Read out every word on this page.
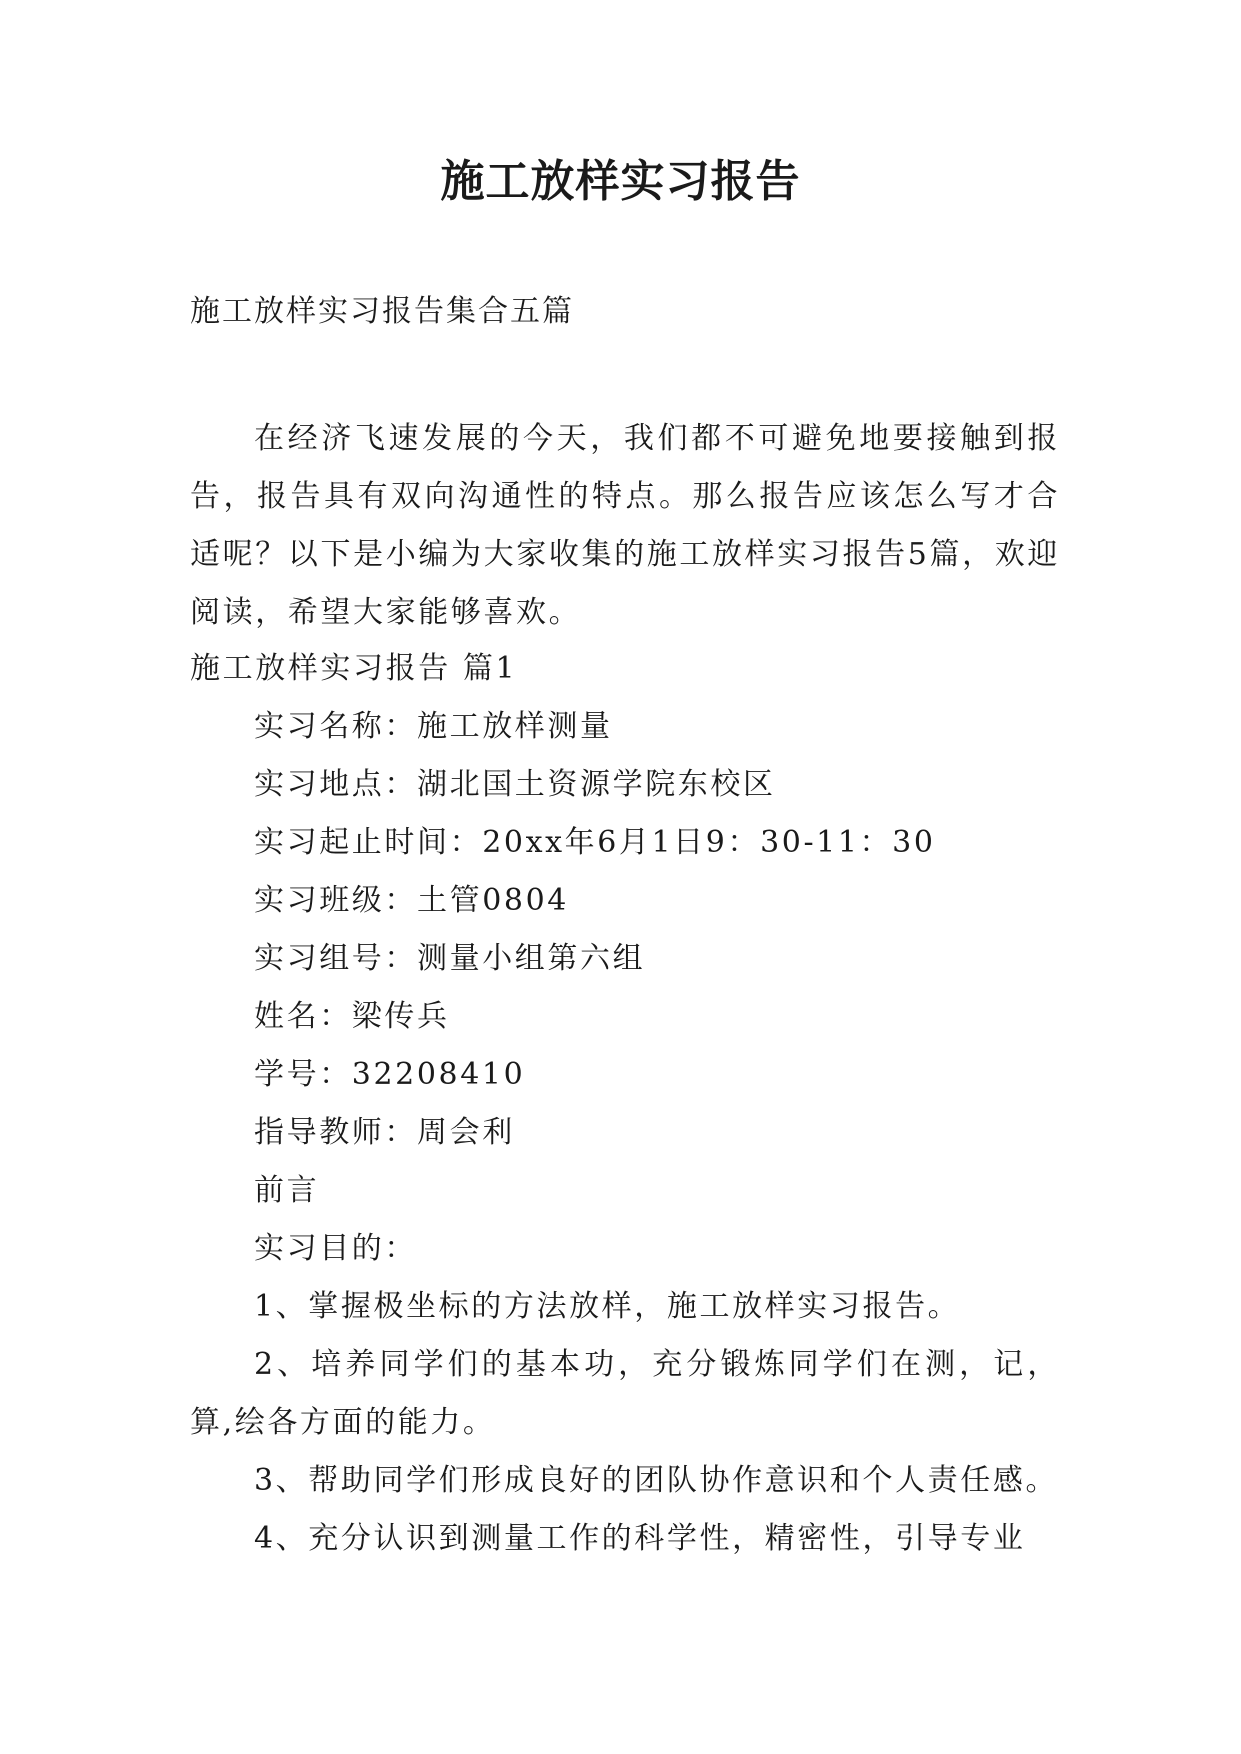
施工放样实习报告

施工放样实习报告集合五篇

在经济飞速发展的今天，我们都不可避免地要接触到报告，报告具有双向沟通性的特点。那么报告应该怎么写才合适呢？以下是小编为大家收集的施工放样实习报告5篇，欢迎阅读，希望大家能够喜欢。

施工放样实习报告 篇1

实习名称：施工放样测量

实习地点：湖北国土资源学院东校区

实习起止时间：20xx年6月1日9：30-11：30

实习班级：土管0804

实习组号：测量小组第六组

姓名：梁传兵

学号：32208410

指导教师：周会利

前言

实习目的：

1、掌握极坐标的方法放样，施工放样实习报告。

2、培养同学们的基本功，充分锻炼同学们在测，记，算,绘各方面的能力。

3、帮助同学们形成良好的团队协作意识和个人责任感。

4、充分认识到测量工作的科学性，精密性，引导专业
